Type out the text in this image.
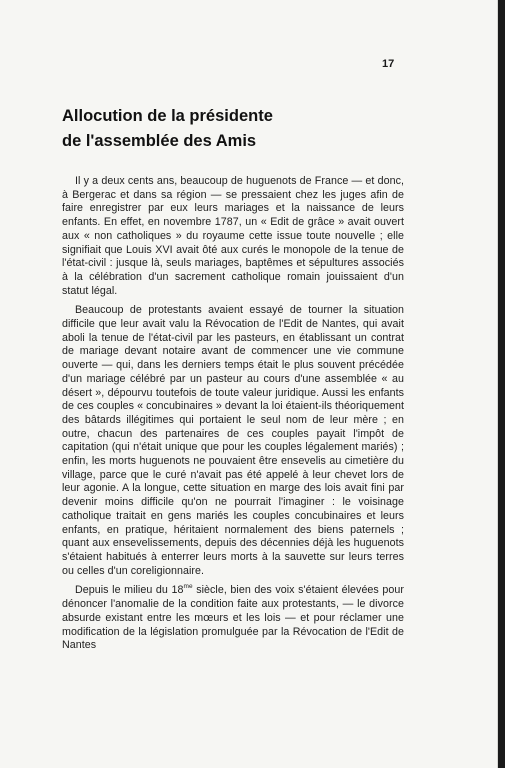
17
Allocution de la présidente
de l'assemblée des Amis

Il y a deux cents ans, beaucoup de huguenots de France — et donc, à Bergerac et dans sa région — se pressaient chez les juges afin de faire enregistrer par eux leurs mariages et la naissance de leurs enfants. En effet, en novembre 1787, un « Edit de grâce » avait ouvert aux « non catholiques » du royaume cette issue toute nouvelle ; elle signifiait que Louis XVI avait ôté aux curés le monopole de la tenue de l'état-civil : jusque là, seuls mariages, baptêmes et sépultures associés à la célébration d'un sacrement catholique romain jouissaient d'un statut légal.

Beaucoup de protestants avaient essayé de tourner la situation difficile que leur avait valu la Révocation de l'Edit de Nantes, qui avait aboli la tenue de l'état-civil par les pasteurs, en établissant un contrat de mariage devant notaire avant de commencer une vie commune ouverte — qui, dans les derniers temps était le plus souvent précédée d'un mariage célébré par un pasteur au cours d'une assemblée « au désert », dépourvu toutefois de toute valeur juridique. Aussi les enfants de ces couples « concubinaires » devant la loi étaient-ils théoriquement des bâtards illégitimes qui portaient le seul nom de leur mère ; en outre, chacun des partenaires de ces couples payait l'impôt de capitation (qui n'était unique que pour les couples légalement mariés) ; enfin, les morts huguenots ne pouvaient être ensevelis au cimetière du village, parce que le curé n'avait pas été appelé à leur chevet lors de leur agonie. A la longue, cette situation en marge des lois avait fini par devenir moins difficile qu'on ne pourrait l'imaginer : le voisinage catholique traitait en gens mariés les couples concubinaires et leurs enfants, en pratique, héritaient normalement des biens paternels ; quant aux ensevelissements, depuis des décennies déjà les huguenots s'étaient habitués à enterrer leurs morts à la sauvette sur leurs terres ou celles d'un coreligionnaire.

Depuis le milieu du $18^{me}$ siècle, bien des voix s'étaient élevées pour dénoncer l'anomalie de la condition faite aux protestants, — le divorce absurde existant entre les mœurs et les lois — et pour réclamer une modification de la législation promulguée par la Révocation de l'Edit de Nantes
